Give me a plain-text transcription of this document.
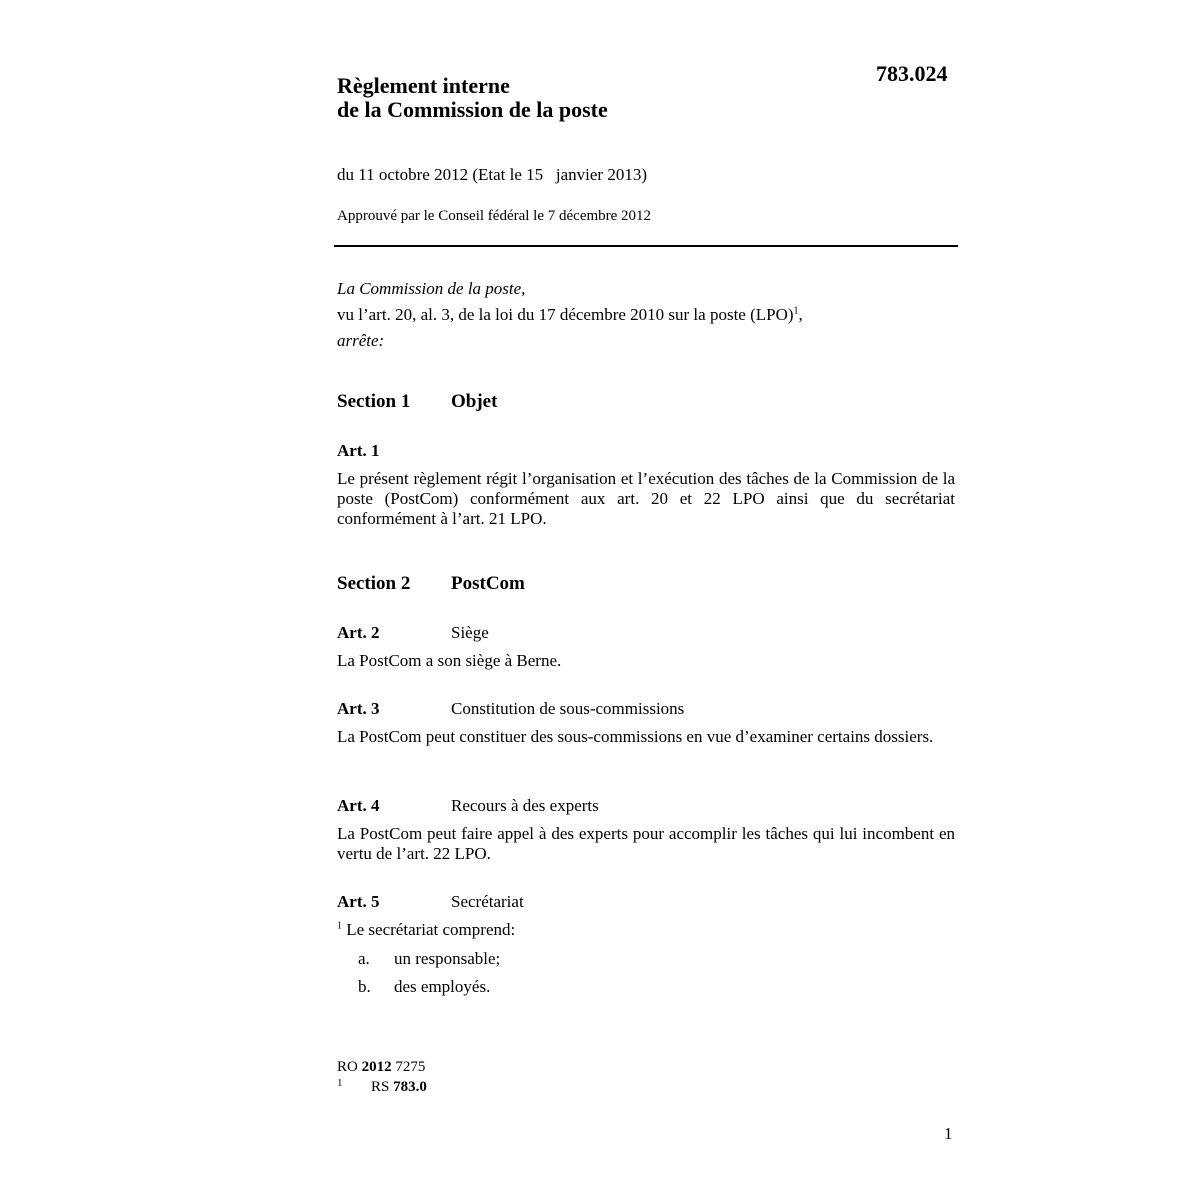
Règlement interne
de la Commission de la poste
783.024
du 11 octobre 2012 (Etat le 15   janvier 2013)
Approuvé par le Conseil fédéral le 7 décembre 2012
La Commission de la poste,
vu l’art. 20, al. 3, de la loi du 17 décembre 2010 sur la poste (LPO)$^1$,
arrête:
Section 1 Objet
Art. 1
Le présent règlement régit l’organisation et l’exécution des tâches de la Commission de la poste (PostCom) conformément aux art. 20 et 22 LPO ainsi que du secrétariat conformément à l’art. 21 LPO.
Section 2 PostCom
Art. 2	Siège
La PostCom a son siège à Berne.
Art. 3	Constitution de sous-commissions
La PostCom peut constituer des sous-commissions en vue d’examiner certains dossiers.
Art. 4	Recours à des experts
La PostCom peut faire appel à des experts pour accomplir les tâches qui lui incombent en vertu de l’art. 22 LPO.
Art. 5	Secrétariat
$^1$ Le secrétariat comprend:
a. un responsable;
b. des employés.
RO 2012 7275
1 RS 783.0
1
